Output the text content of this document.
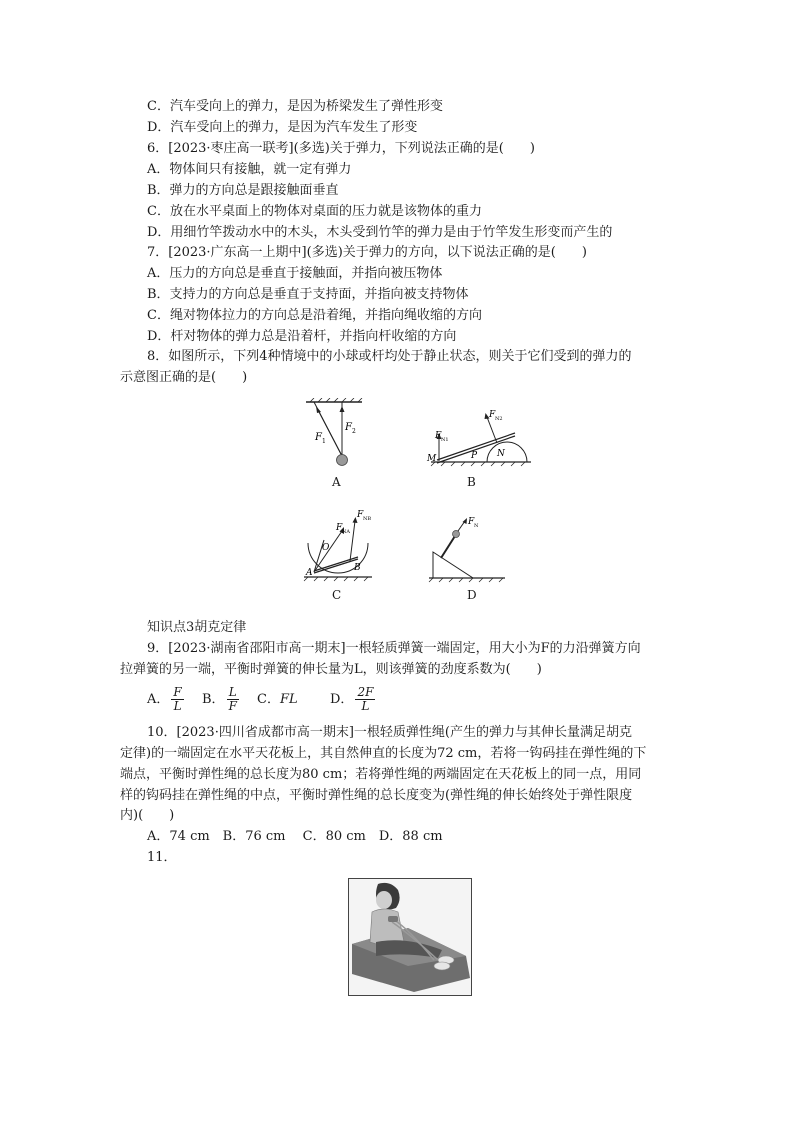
C．汽车受向上的弹力，是因为桥梁发生了弹性形变
D．汽车受向上的弹力，是因为汽车发生了形变
6．[2023·枣庄高一联考](多选)关于弹力，下列说法正确的是(　　)
A．物体间只有接触，就一定有弹力
B．弹力的方向总是跟接触面垂直
C．放在水平桌面上的物体对桌面的压力就是该物体的重力
D．用细竹竿拨动水中的木头，木头受到竹竿的弹力是由于竹竿发生形变而产生的
7．[2023·广东高一上期中](多选)关于弹力的方向，以下说法正确的是(　　)
A．压力的方向总是垂直于接触面，并指向被压物体
B．支持力的方向总是垂直于支持面，并指向被支持物体
C．绳对物体拉力的方向总是沿着绳，并指向绳收缩的方向
D．杆对物体的弹力总是沿着杆，并指向杆收缩的方向
8．如图所示，下列4种情境中的小球或杆均处于静止状态，则关于它们受到的弹力的
示意图正确的是(　　)
F 1
F 2
A
F N1
F N2
M	P N
B
O
F NA
F NB
A	B
C
F N
D
知识点3胡克定律
9．[2023·湖南省邵阳市高一期末]一根轻质弹簧一端固定，用大小为F的力沿弹簧方向
拉弹簧的另一端，平衡时弹簧的伸长量为L，则该弹簧的劲度系数为(　　)
A． $\frac{F}{L}$ B． $\frac{L}{F}$ C．FL D． $\frac{2F}{L}$
10．[2023·四川省成都市高一期末]一根轻质弹性绳(产生的弹力与其伸长量满足胡克
定律)的一端固定在水平天花板上，其自然伸直的长度为72 cm，若将一钩码挂在弹性绳的下
端点，平衡时弹性绳的总长度为80 cm；若将弹性绳的两端固定在天花板上的同一点，用同
样的钩码挂在弹性绳的中点，平衡时弹性绳的总长度变为(弹性绳的伸长始终处于弹性限度
内)(　　)
A．74 cm　B．76 cm　 C．80 cm　D．88 cm
11．
